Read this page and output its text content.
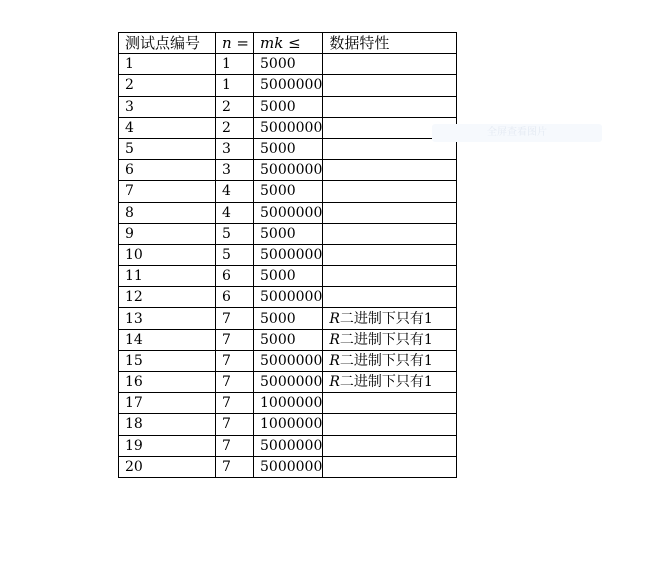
测试点编号	n =	mk ≤	数据特性
1	1	5000	
2	1	5000000	
3	2	5000	
4	2	5000000	
5	3	5000	
6	3	5000000	
7	4	5000	
8	4	5000000	
9	5	5000	
10	5	5000000	
11	6	5000	
12	6	5000000	
13	7	5000	R二进制下只有1
14	7	5000	R二进制下只有1
15	7	5000000	R二进制下只有1
16	7	5000000	R二进制下只有1
17	7	1000000	
18	7	1000000	
19	7	5000000	
20	7	5000000	
全屏查看图片
